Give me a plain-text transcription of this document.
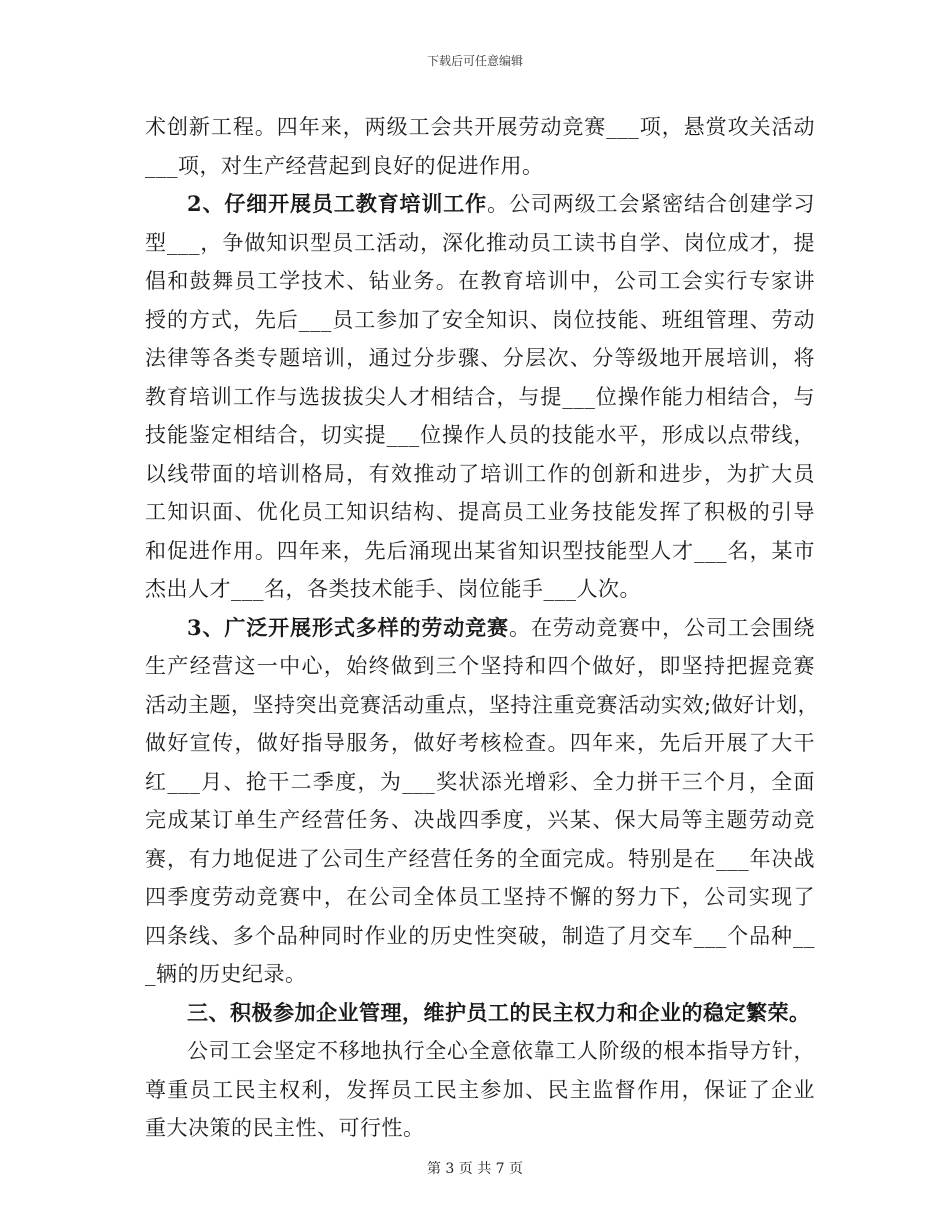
下载后可任意编辑
术创新工程。四年来，两级工会共开展劳动竞赛___项，悬赏攻关活动
___项，对生产经营起到良好的促进作用。
2、仔细开展员工教育培训工作。公司两级工会紧密结合创建学习
型___，争做知识型员工活动，深化推动员工读书自学、岗位成才，提
倡和鼓舞员工学技术、钻业务。在教育培训中，公司工会实行专家讲
授的方式，先后___员工参加了安全知识、岗位技能、班组管理、劳动
法律等各类专题培训，通过分步骤、分层次、分等级地开展培训，将
教育培训工作与选拔拔尖人才相结合，与提___位操作能力相结合，与
技能鉴定相结合，切实提___位操作人员的技能水平，形成以点带线，
以线带面的培训格局，有效推动了培训工作的创新和进步，为扩大员
工知识面、优化员工知识结构、提高员工业务技能发挥了积极的引导
和促进作用。四年来，先后涌现出某省知识型技能型人才___名，某市
杰出人才___名，各类技术能手、岗位能手___人次。
3、广泛开展形式多样的劳动竞赛。在劳动竞赛中，公司工会围绕
生产经营这一中心，始终做到三个坚持和四个做好，即坚持把握竞赛
活动主题，坚持突出竞赛活动重点，坚持注重竞赛活动实效;做好计划，
做好宣传，做好指导服务，做好考核检查。四年来，先后开展了大干
红___月、抢干二季度，为___奖状添光增彩、全力拼干三个月，全面
完成某订单生产经营任务、决战四季度，兴某、保大局等主题劳动竞
赛，有力地促进了公司生产经营任务的全面完成。特别是在___年决战
四季度劳动竞赛中，在公司全体员工坚持不懈的努力下，公司实现了
四条线、多个品种同时作业的历史性突破，制造了月交车___个品种__
_辆的历史纪录。
三、积极参加企业管理，维护员工的民主权力和企业的稳定繁荣。
公司工会坚定不移地执行全心全意依靠工人阶级的根本指导方针，
尊重员工民主权利，发挥员工民主参加、民主监督作用，保证了企业
重大决策的民主性、可行性。
第 3 页 共 7 页
